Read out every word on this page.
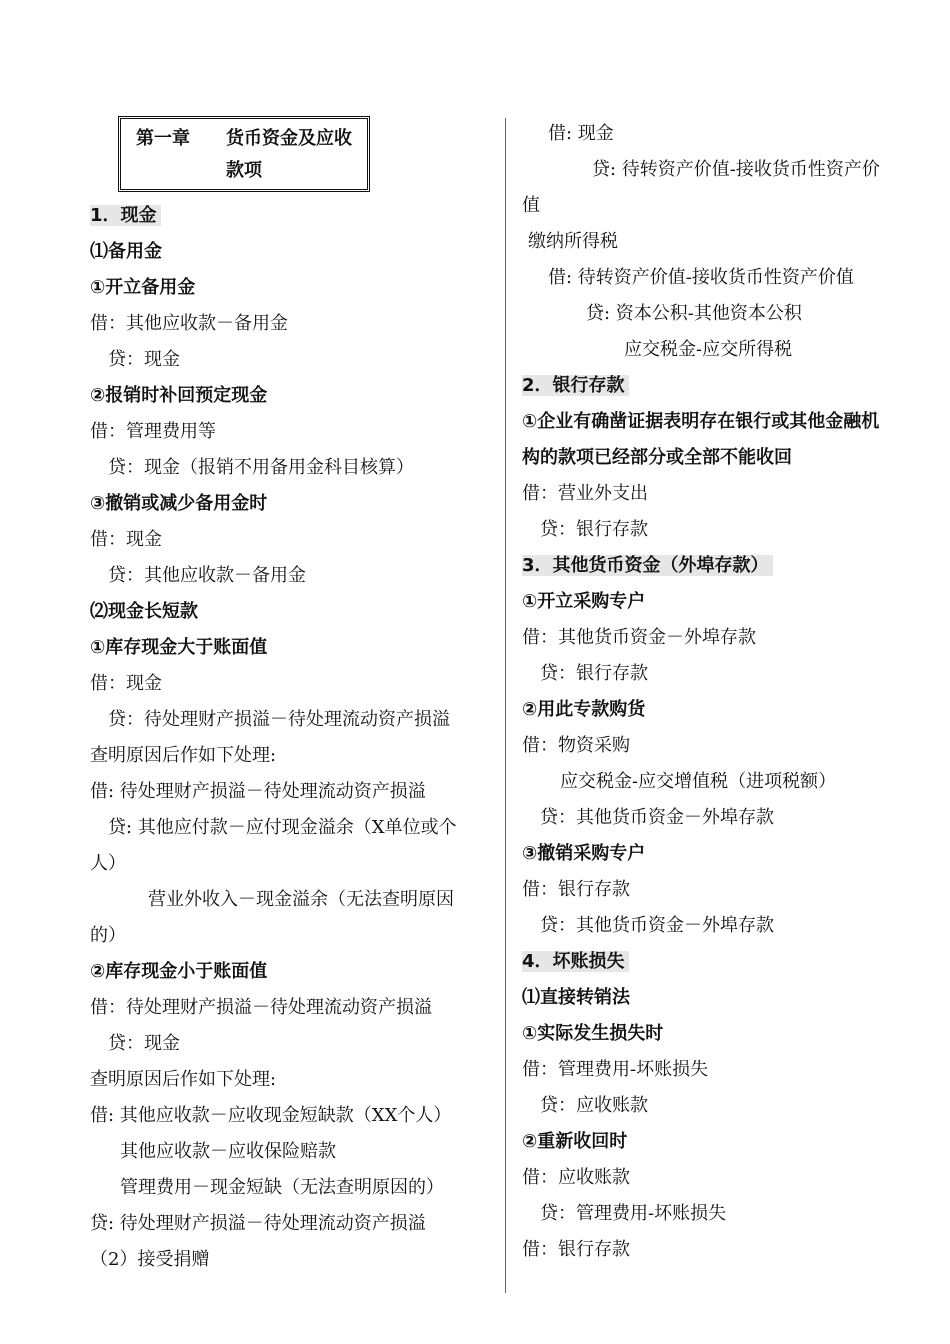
第一章　　货币资金及应收
款项
1．现金
⑴备用金
①开立备用金
借：其他应收款－备用金
贷：现金
②报销时补回预定现金
借：管理费用等
贷：现金（报销不用备用金科目核算）
③撤销或减少备用金时
借：现金
贷：其他应收款－备用金
⑵现金长短款
①库存现金大于账面值
借：现金
贷：待处理财产损溢－待处理流动资产损溢
查明原因后作如下处理:
借: 待处理财产损溢－待处理流动资产损溢
贷: 其他应付款－应付现金溢余（X单位或个
人）
营业外收入－现金溢余（无法查明原因
的）
②库存现金小于账面值
借：待处理财产损溢－待处理流动资产损溢
贷：现金
查明原因后作如下处理:
借: 其他应收款－应收现金短缺款（XX个人）
其他应收款－应收保险赔款
管理费用－现金短缺（无法查明原因的）
贷: 待处理财产损溢－待处理流动资产损溢
（2）接受捐赠
借: 现金
贷: 待转资产价值-接收货币性资产价
值
缴纳所得税
借: 待转资产价值-接收货币性资产价值
贷: 资本公积-其他资本公积
应交税金-应交所得税
2．银行存款
①企业有确凿证据表明存在银行或其他金融机
构的款项已经部分或全部不能收回
借：营业外支出
贷：银行存款
3．其他货币资金（外埠存款）
①开立采购专户
借：其他货币资金－外埠存款
贷：银行存款
②用此专款购货
借：物资采购
应交税金-应交增值税（进项税额）
贷：其他货币资金－外埠存款
③撤销采购专户
借：银行存款
贷：其他货币资金－外埠存款
4．坏账损失
⑴直接转销法
①实际发生损失时
借：管理费用-坏账损失
贷：应收账款
②重新收回时
借：应收账款
贷：管理费用-坏账损失
借：银行存款
